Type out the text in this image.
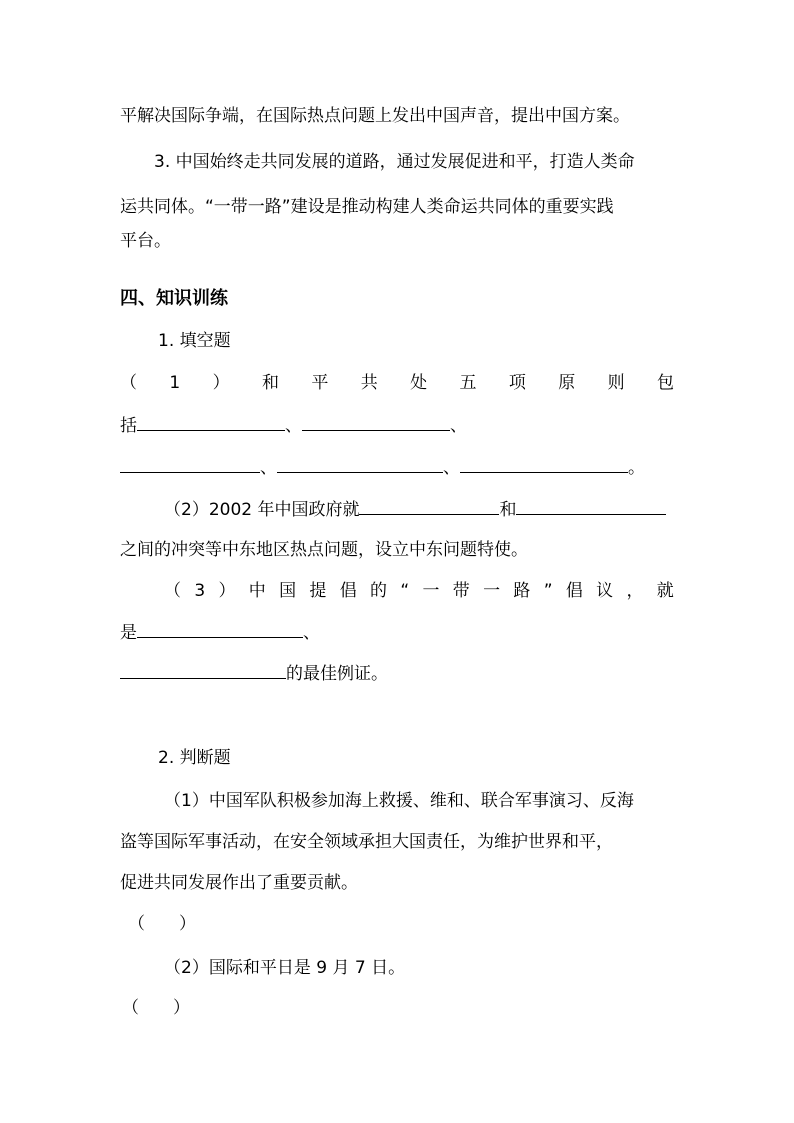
平解决国际争端，在国际热点问题上发出中国声音，提出中国方案。
3. 中国始终走共同发展的道路，通过发展促进和平，打造人类命
运共同体。“一带一路”建设是推动构建人类命运共同体的重要实践
平台。
四、知识训练
1. 填空题
（ 1 ） 和 平 共 处 五 项 原 则 包
括	、	、
、	、	。
（2）2002 年中国政府就	和
之间的冲突等中东地区热点问题，设立中东问题特使。
（ 3 ） 中 国 提 倡 的 “ 一 带 一 路 ” 倡 议 ， 就
是	、
的最佳例证。
2. 判断题
（1）中国军队积极参加海上救援、维和、联合军事演习、反海
盗等国际军事活动，在安全领域承担大国责任，为维护世界和平，
促进共同发展作出了重要贡献。
（　　）
（2）国际和平日是 9 月 7 日。
（　　）
